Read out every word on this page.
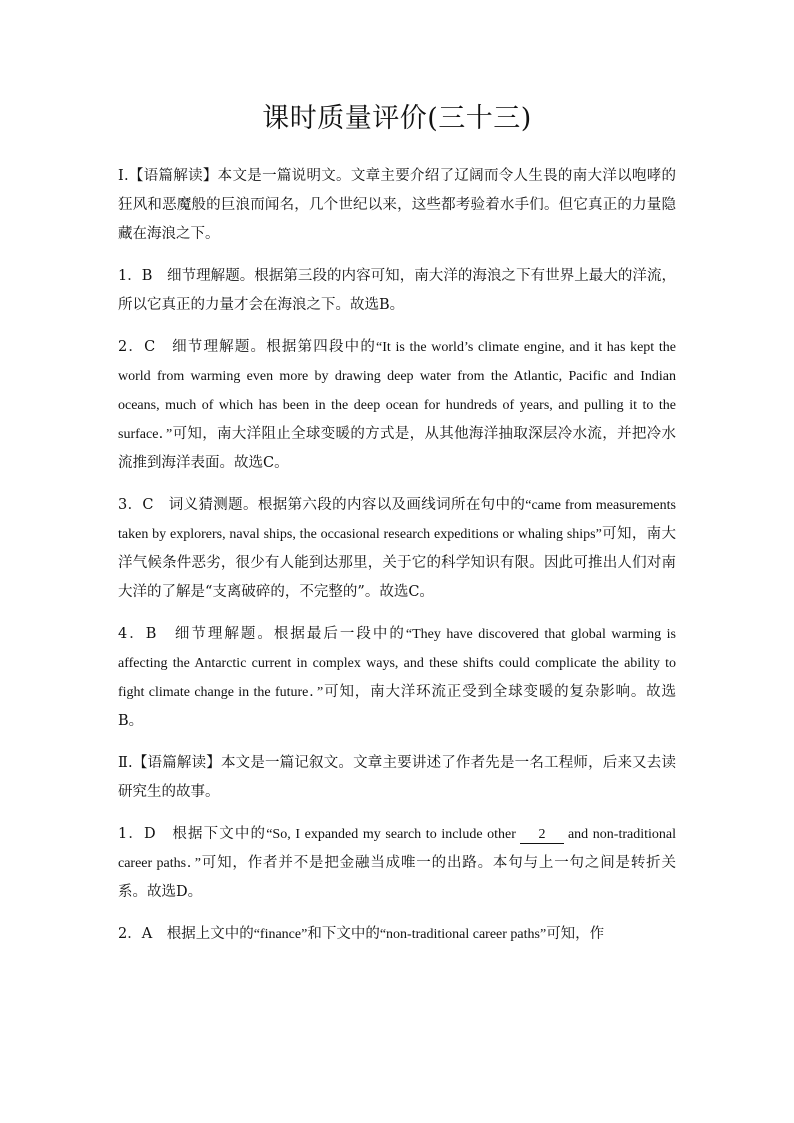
课时质量评价(三十三)

Ⅰ.【语篇解读】本文是一篇说明文。文章主要介绍了辽阔而令人生畏的南大洋以咆哮的狂风和恶魔般的巨浪而闻名，几个世纪以来，这些都考验着水手们。但它真正的力量隐藏在海浪之下。

1．B　细节理解题。根据第三段的内容可知，南大洋的海浪之下有世界上最大的洋流，所以它真正的力量才会在海浪之下。故选B。

2．C　细节理解题。根据第四段中的“It is the world’s climate engine, and it has kept the world from warming even more by drawing deep water from the Atlantic, Pacific and Indian oceans, much of which has been in the deep ocean for hundreds of years, and pulling it to the surface．”可知，南大洋阻止全球变暖的方式是，从其他海洋抽取深层冷水流，并把冷水流推到海洋表面。故选C。

3．C　词义猜测题。根据第六段的内容以及画线词所在句中的“came from measurements taken by explorers, naval ships, the occasional research expeditions or whaling ships”可知，南大洋气候条件恶劣，很少有人能到达那里，关于它的科学知识有限。因此可推出人们对南大洋的了解是“支离破碎的，不完整的”。故选C。

4．B　细节理解题。根据最后一段中的“They have discovered that global warming is affecting the Antarctic current in complex ways, and these shifts could complicate the ability to fight climate change in the future．”可知，南大洋环流正受到全球变暖的复杂影响。故选B。

Ⅱ.【语篇解读】本文是一篇记叙文。文章主要讲述了作者先是一名工程师，后来又去读研究生的故事。

1．D　根据下文中的“So, I expanded my search to include other 2 and non-traditional career paths．”可知，作者并不是把金融当成唯一的出路。本句与上一句之间是转折关系。故选D。

2．A　根据上文中的“finance”和下文中的“non-traditional career paths”可知，作
